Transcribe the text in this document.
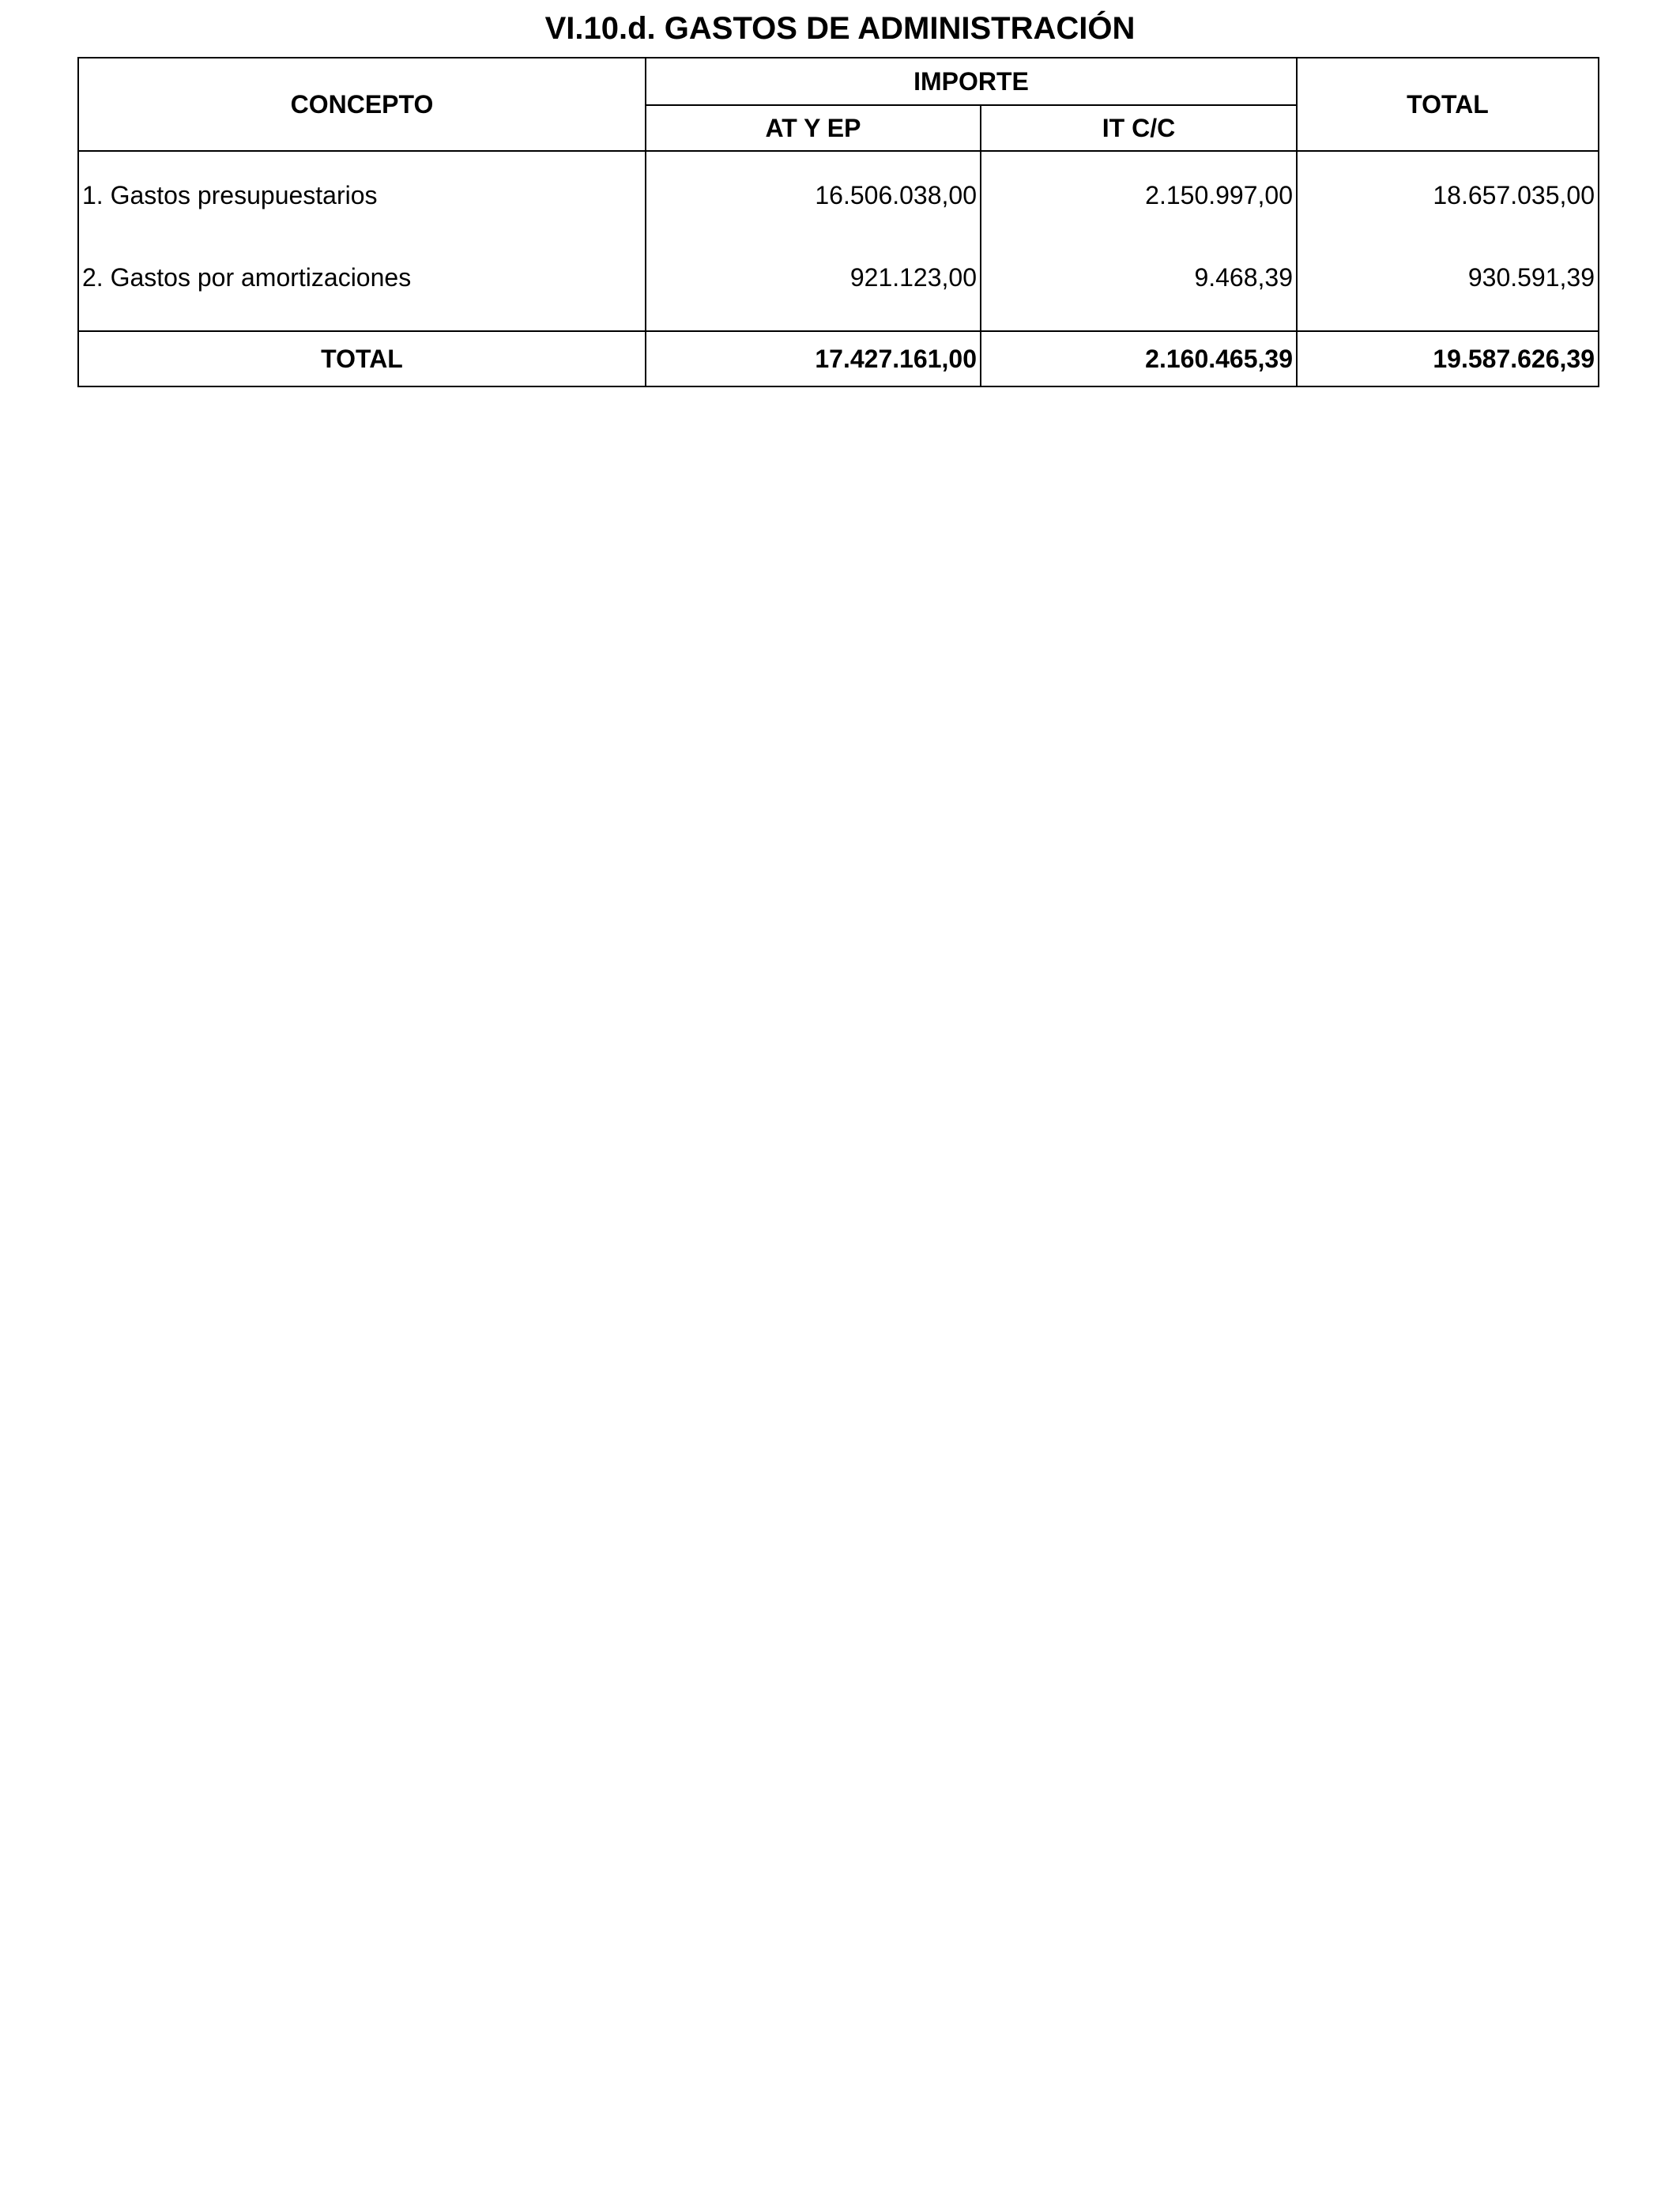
VI.10.d. GASTOS DE ADMINISTRACIÓN
CONCEPTO	IMPORTE		TOTAL
	AT Y EP	IT C/C	
1. Gastos presupuestarios	16.506.038,00	2.150.997,00	18.657.035,00
2. Gastos por amortizaciones	921.123,00	9.468,39	930.591,39
TOTAL	17.427.161,00	2.160.465,39	19.587.626,39
